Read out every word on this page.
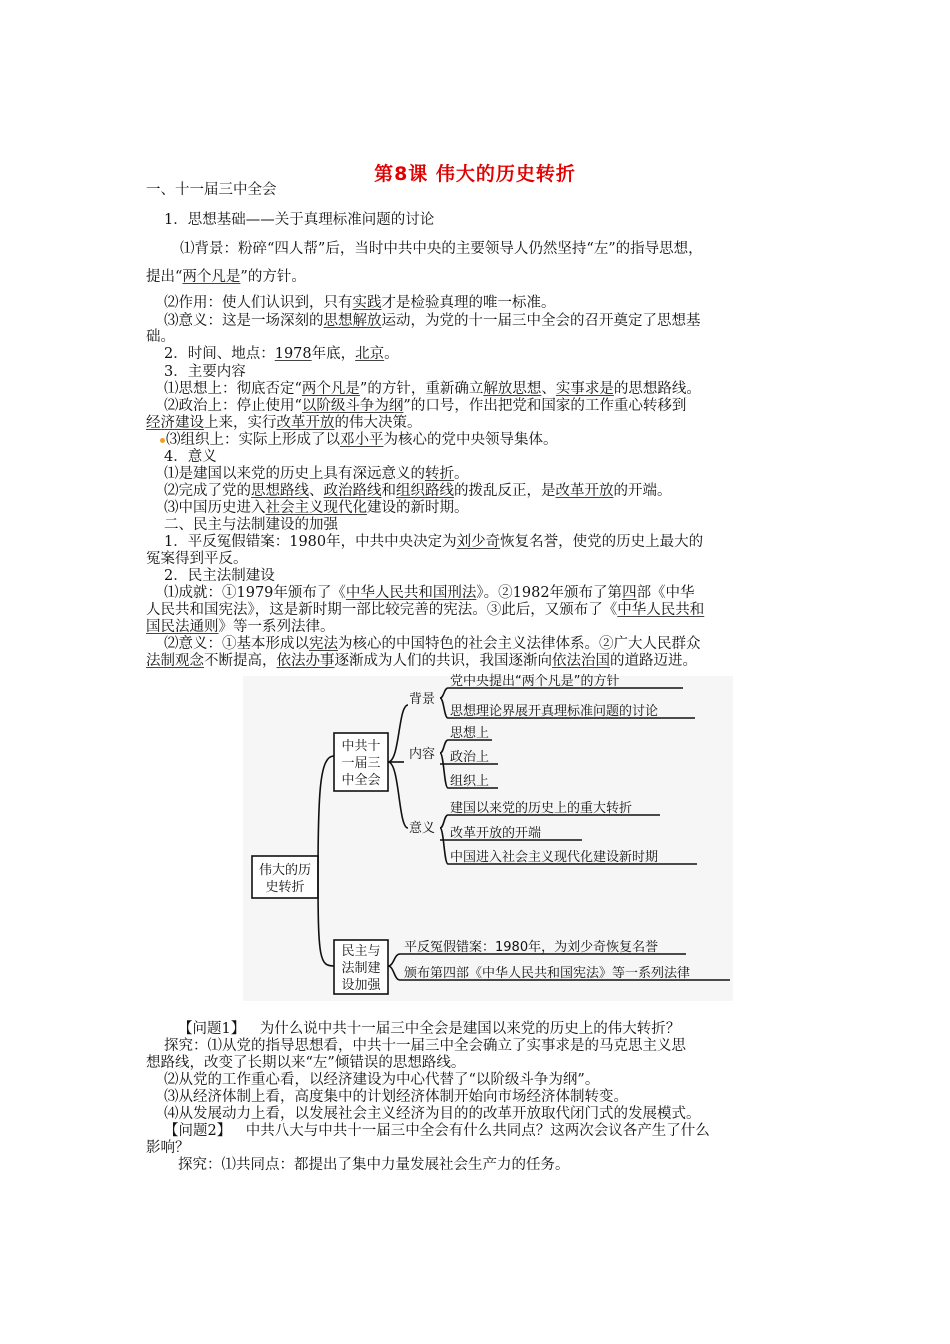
第8课 伟大的历史转折
一、十一届三中全会
1．思想基础——关于真理标准问题的讨论
⑴背景：粉碎“四人帮”后，当时中共中央的主要领导人仍然坚持“左”的指导思想，
提出“两个凡是”的方针。
⑵作用：使人们认识到，只有实践才是检验真理的唯一标准。
⑶意义：这是一场深刻的思想解放运动，为党的十一届三中全会的召开奠定了思想基
础。
2．时间、地点：1978年底，北京。
3．主要内容
⑴思想上：彻底否定“两个凡是”的方针，重新确立解放思想、实事求是的思想路线。
⑵政治上：停止使用“以阶级斗争为纲”的口号，作出把党和国家的工作重心转移到
经济建设上来，实行改革开放的伟大决策。
⑶组织上：实际上形成了以邓小平为核心的党中央领导集体。
4．意义
⑴是建国以来党的历史上具有深远意义的转折。
⑵完成了党的思想路线、政治路线和组织路线的拨乱反正，是改革开放的开端。
⑶中国历史进入社会主义现代化建设的新时期。
二、民主与法制建设的加强
1．平反冤假错案：1980年，中共中央决定为刘少奇恢复名誉，使党的历史上最大的
冤案得到平反。
2．民主法制建设
⑴成就：①1979年颁布了《中华人民共和国刑法》。②1982年颁布了第四部《中华
人民共和国宪法》，这是新时期一部比较完善的宪法。③此后，又颁布了《中华人民共和
国民法通则》等一系列法律。
⑵意义：①基本形成以宪法为核心的中国特色的社会主义法律体系。②广大人民群众
法制观念不断提高，依法办事逐渐成为人们的共识，我国逐渐向依法治国的道路迈进。
伟大的历
史转折
中共十
一届三
中全会
民主与
法制建
设加强
背景
内容
意义
党中央提出“两个凡是”的方针
思想理论界展开真理标准问题的讨论
思想上
政治上
组织上
建国以来党的历史上的重大转折
改革开放的开端
中国进入社会主义现代化建设新时期
平反冤假错案：1980年，为刘少奇恢复名誉
颁布第四部《中华人民共和国宪法》等一系列法律
【问题1】  为什么说中共十一届三中全会是建国以来党的历史上的伟大转折？
探究：⑴从党的指导思想看，中共十一届三中全会确立了实事求是的马克思主义思
想路线，改变了长期以来“左”倾错误的思想路线。
⑵从党的工作重心看，以经济建设为中心代替了“以阶级斗争为纲”。
⑶从经济体制上看，高度集中的计划经济体制开始向市场经济体制转变。
⑷从发展动力上看，以发展社会主义经济为目的的改革开放取代闭门式的发展模式。
【问题2】  中共八大与中共十一届三中全会有什么共同点？这两次会议各产生了什么
影响？
探究：⑴共同点：都提出了集中力量发展社会生产力的任务。
